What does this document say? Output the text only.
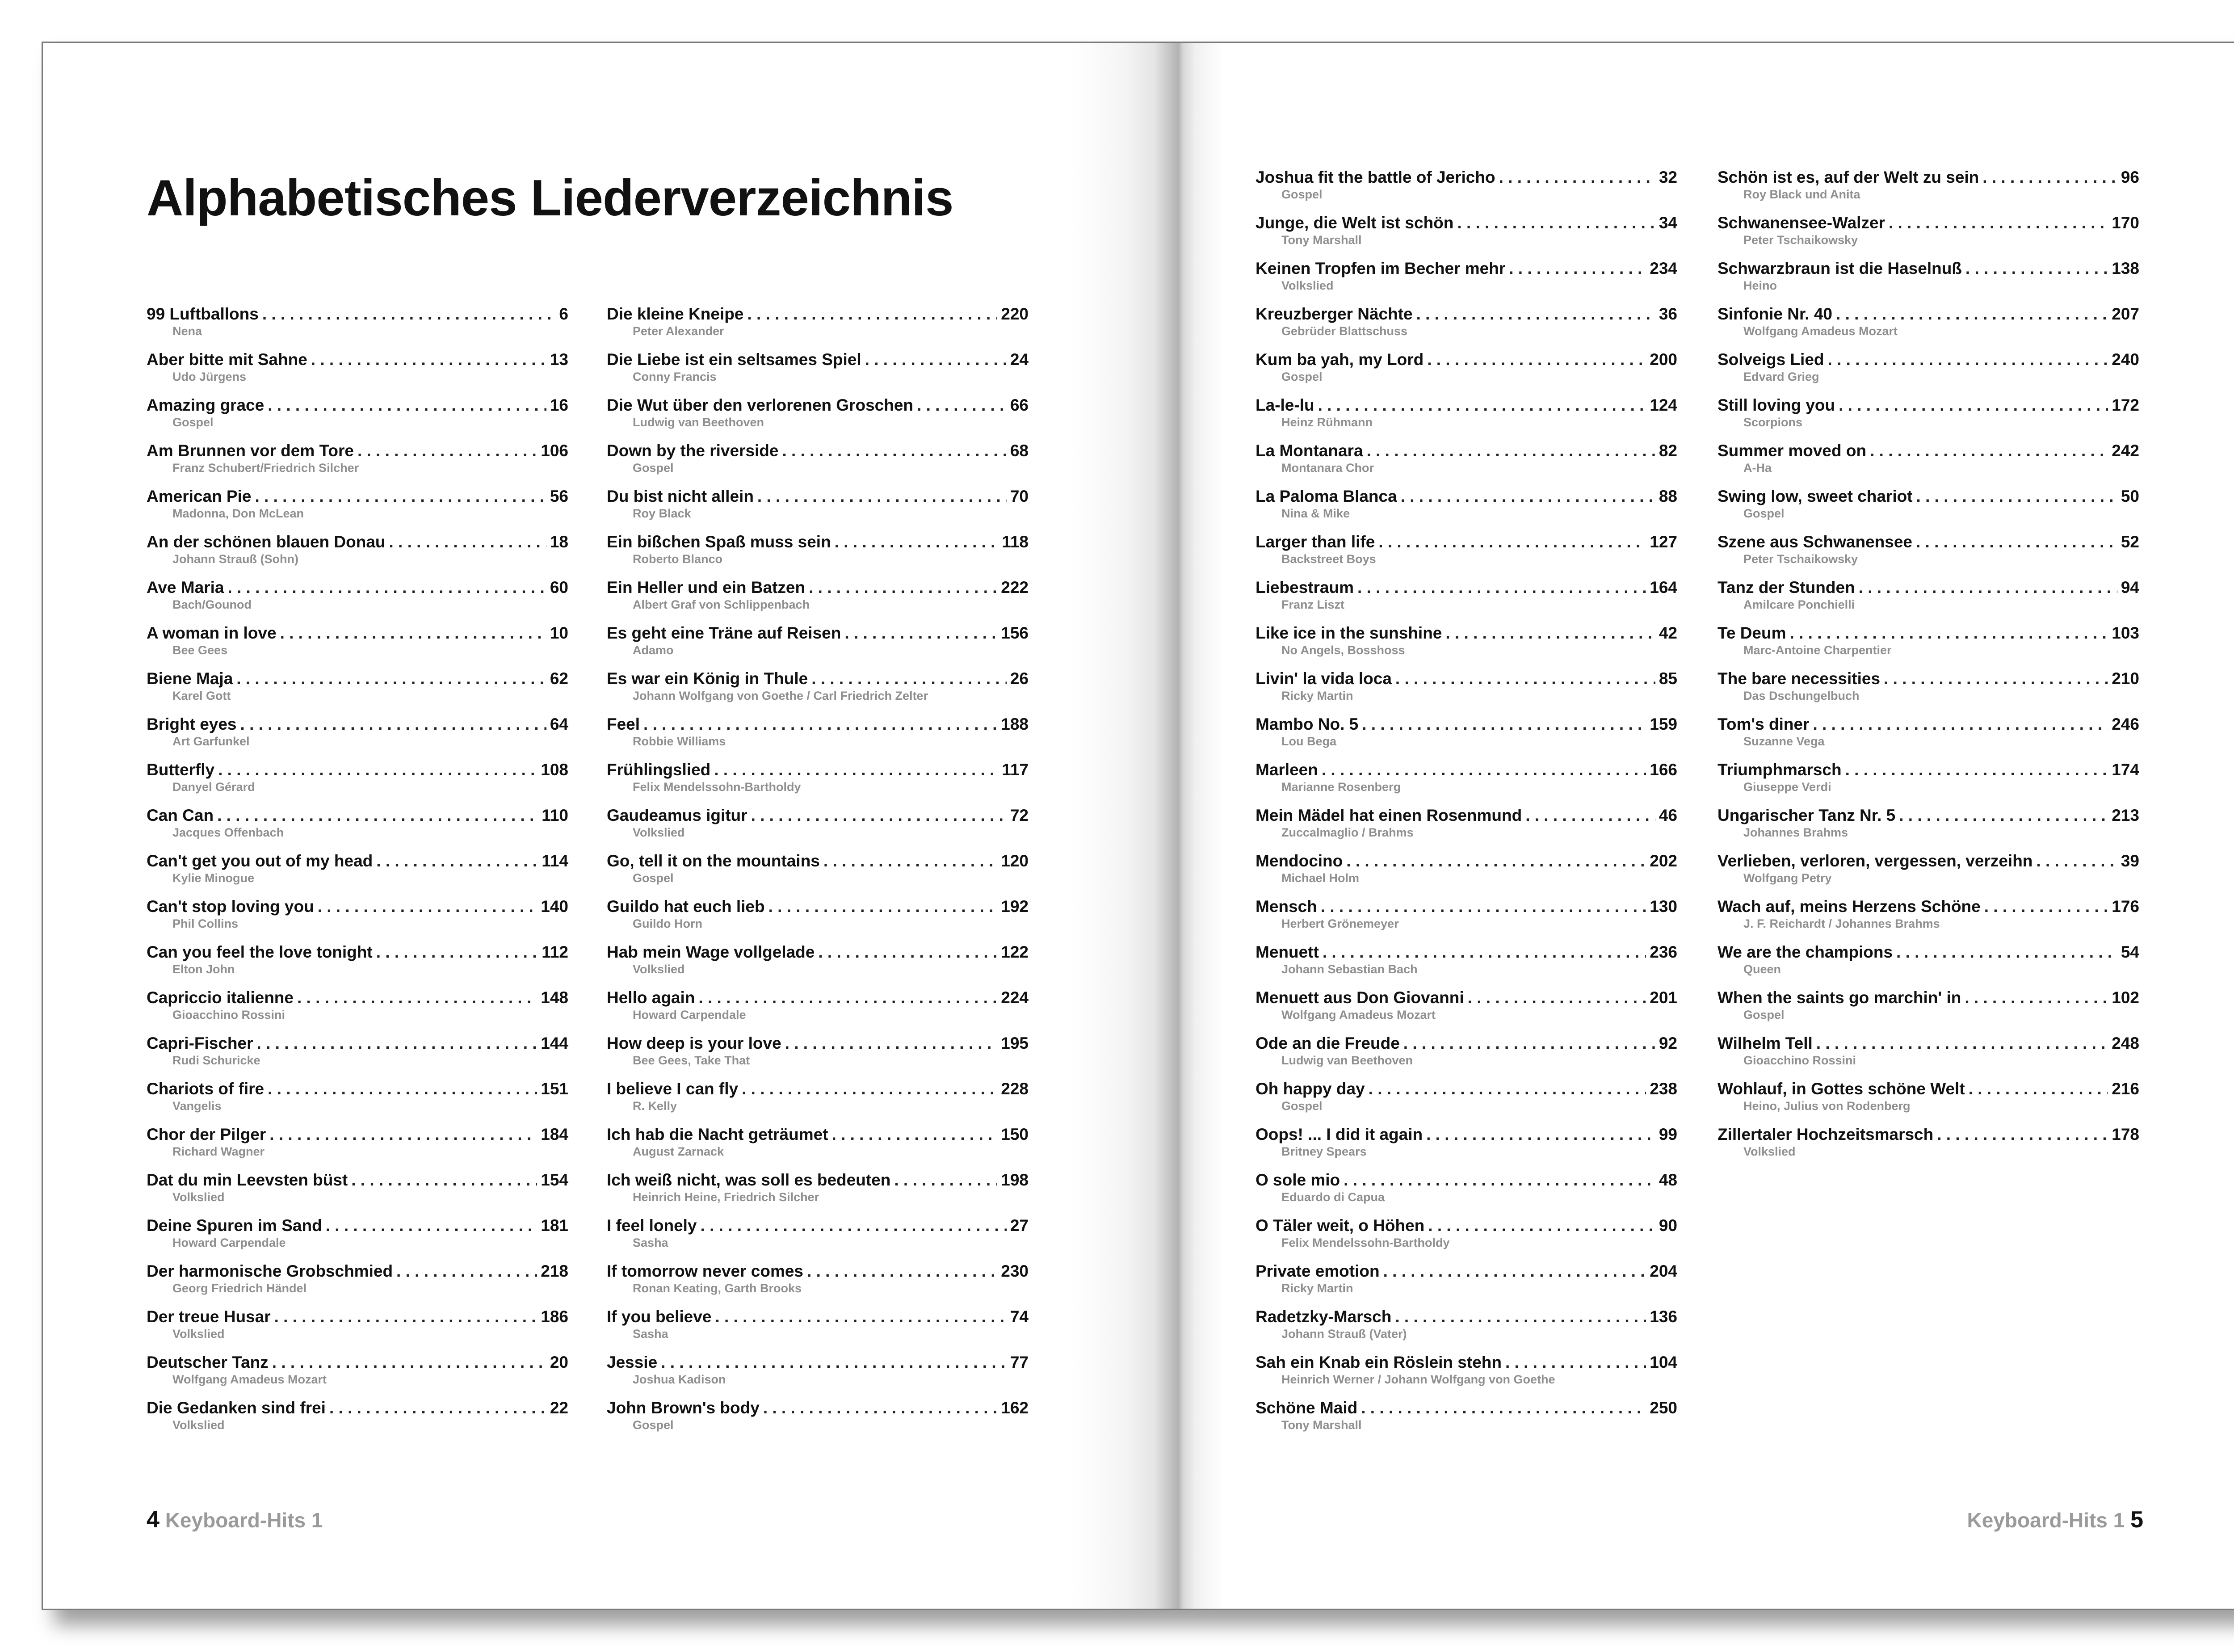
Alphabetisches Liederverzeichnis
99 Luftballons . . .	6
Nena
Aber bitte mit Sahne . . .	13
Udo Jürgens
Amazing grace . . .	16
Gospel
Am Brunnen vor dem Tore . . .	106
Franz Schubert/Friedrich Silcher
American Pie . . .	56
Madonna, Don McLean
An der schönen blauen Donau . . .	18
Johann Strauß (Sohn)
Ave Maria . . .	60
Bach/Gounod
A woman in love . . .	10
Bee Gees
Biene Maja . . .	62
Karel Gott
Bright eyes . . .	64
Art Garfunkel
Butterfly . . .	108
Danyel Gérard
Can Can . . .	110
Jacques Offenbach
Can't get you out of my head . . .	114
Kylie Minogue
Can't stop loving you . . .	140
Phil Collins
Can you feel the love tonight . . .	112
Elton John
Capriccio italienne . . .	148
Gioacchino Rossini
Capri-Fischer . . .	144
Rudi Schuricke
Chariots of fire . . .	151
Vangelis
Chor der Pilger . . .	184
Richard Wagner
Dat du min Leevsten büst . . .	154
Volkslied
Deine Spuren im Sand . . .	181
Howard Carpendale
Der harmonische Grobschmied . . .	218
Georg Friedrich Händel
Der treue Husar . . .	186
Volkslied
Deutscher Tanz . . .	20
Wolfgang Amadeus Mozart
Die Gedanken sind frei . . .	22
Volkslied
Die kleine Kneipe . . .	220
Peter Alexander
Die Liebe ist ein seltsames Spiel . . .	24
Conny Francis
Die Wut über den verlorenen Groschen . . .	66
Ludwig van Beethoven
Down by the riverside . . .	68
Gospel
Du bist nicht allein . . .	70
Roy Black
Ein bißchen Spaß muss sein . . .	118
Roberto Blanco
Ein Heller und ein Batzen . . .	222
Albert Graf von Schlippenbach
Es geht eine Träne auf Reisen . . .	156
Adamo
Es war ein König in Thule . . .	26
Johann Wolfgang von Goethe / Carl Friedrich Zelter
Feel . . .	188
Robbie Williams
Frühlingslied . . .	117
Felix Mendelssohn-Bartholdy
Gaudeamus igitur . . .	72
Volkslied
Go, tell it on the mountains . . .	120
Gospel
Guildo hat euch lieb . . .	192
Guildo Horn
Hab mein Wage vollgelade . . .	122
Volkslied
Hello again . . .	224
Howard Carpendale
How deep is your love . . .	195
Bee Gees, Take That
I believe I can fly . . .	228
R. Kelly
Ich hab die Nacht geträumet . . .	150
August Zarnack
Ich weiß nicht, was soll es bedeuten . . .	198
Heinrich Heine, Friedrich Silcher
I feel lonely . . .	27
Sasha
If tomorrow never comes . . .	230
Ronan Keating, Garth Brooks
If you believe . . .	74
Sasha
Jessie . . .	77
Joshua Kadison
John Brown's body . . .	162
Gospel
Joshua fit the battle of Jericho . . .	32
Gospel
Junge, die Welt ist schön . . .	34
Tony Marshall
Keinen Tropfen im Becher mehr . . .	234
Volkslied
Kreuzberger Nächte . . .	36
Gebrüder Blattschuss
Kum ba yah, my Lord . . .	200
Gospel
La-le-lu . . .	124
Heinz Rühmann
La Montanara . . .	82
Montanara Chor
La Paloma Blanca . . .	88
Nina & Mike
Larger than life . . .	127
Backstreet Boys
Liebestraum . . .	164
Franz Liszt
Like ice in the sunshine . . .	42
No Angels, Bosshoss
Livin' la vida loca . . .	85
Ricky Martin
Mambo No. 5 . . .	159
Lou Bega
Marleen . . .	166
Marianne Rosenberg
Mein Mädel hat einen Rosenmund . . .	46
Zuccalmaglio / Brahms
Mendocino . . .	202
Michael Holm
Mensch . . .	130
Herbert Grönemeyer
Menuett . . .	236
Johann Sebastian Bach
Menuett aus Don Giovanni . . .	201
Wolfgang Amadeus Mozart
Ode an die Freude . . .	92
Ludwig van Beethoven
Oh happy day . . .	238
Gospel
Oops! ... I did it again . . .	99
Britney Spears
O sole mio . . .	48
Eduardo di Capua
O Täler weit, o Höhen . . .	90
Felix Mendelssohn-Bartholdy
Private emotion . . .	204
Ricky Martin
Radetzky-Marsch . . .	136
Johann Strauß (Vater)
Sah ein Knab ein Röslein stehn . . .	104
Heinrich Werner / Johann Wolfgang von Goethe
Schöne Maid . . .	250
Tony Marshall
Schön ist es, auf der Welt zu sein . . .	96
Roy Black und Anita
Schwanensee-Walzer . . .	170
Peter Tschaikowsky
Schwarzbraun ist die Haselnuß . . .	138
Heino
Sinfonie Nr. 40 . . .	207
Wolfgang Amadeus Mozart
Solveigs Lied . . .	240
Edvard Grieg
Still loving you . . .	172
Scorpions
Summer moved on . . .	242
A-Ha
Swing low, sweet chariot . . .	50
Gospel
Szene aus Schwanensee . . .	52
Peter Tschaikowsky
Tanz der Stunden . . .	94
Amilcare Ponchielli
Te Deum . . .	103
Marc-Antoine Charpentier
The bare necessities . . .	210
Das Dschungelbuch
Tom's diner . . .	246
Suzanne Vega
Triumphmarsch . . .	174
Giuseppe Verdi
Ungarischer Tanz Nr. 5 . . .	213
Johannes Brahms
Verlieben, verloren, vergessen, verzeihn . . .	39
Wolfgang Petry
Wach auf, meins Herzens Schöne . . .	176
J. F. Reichardt / Johannes Brahms
We are the champions . . .	54
Queen
When the saints go marchin' in . . .	102
Gospel
Wilhelm Tell . . .	248
Gioacchino Rossini
Wohlauf, in Gottes schöne Welt . . .	216
Heino, Julius von Rodenberg
Zillertaler Hochzeitsmarsch . . .	178
Volkslied
4 Keyboard-Hits 1	Keyboard-Hits 1 5
